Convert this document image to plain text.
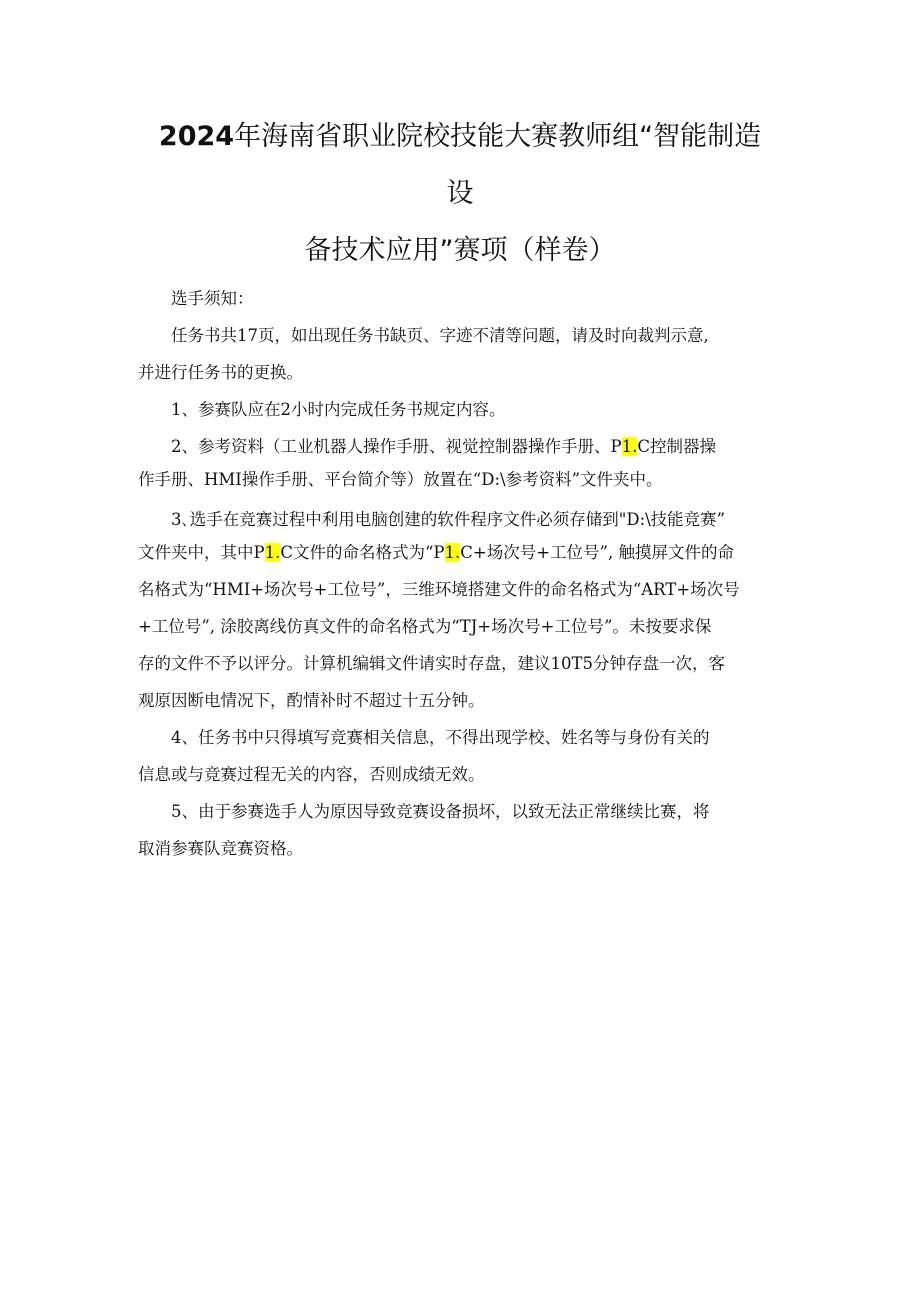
2024年海南省职业院校技能大赛教师组“智能制造
设
备技术应用”赛项（样卷）
选手须知：
任务书共17页，如出现任务书缺页、字迹不清等问题，请及时向裁判示意,
并进行任务书的更换。
1、参赛队应在2小时内完成任务书规定内容。
2、参考资料（工业机器人操作手册、视觉控制器操作手册、P1.C控制器操
作手册、HMI操作手册、平台简介等）放置在“D:\参考资料”文件夹中。
3､选手在竞赛过程中利用电脑创建的软件程序文件必须存储到"D:\技能竞赛”
文件夹中，其中P1.C文件的命名格式为“P1.C+场次号+工位号”, 触摸屏文件的命
名格式为“HMI+场次号+工位号”，三维环境搭建文件的命名格式为“ART+场次号
+工位号”, 涂胶离线仿真文件的命名格式为“TJ+场次号+工位号”。未按要求保
存的文件不予以评分。计算机编辑文件请实时存盘，建议10T5分钟存盘一次，客
观原因断电情况下，酌情补时不超过十五分钟。
4、任务书中只得填写竞赛相关信息，不得出现学校、姓名等与身份有关的
信息或与竞赛过程无关的内容，否则成绩无效。
5、由于参赛选手人为原因导致竞赛设备损坏，以致无法正常继续比赛，将
取消参赛队竞赛资格。
